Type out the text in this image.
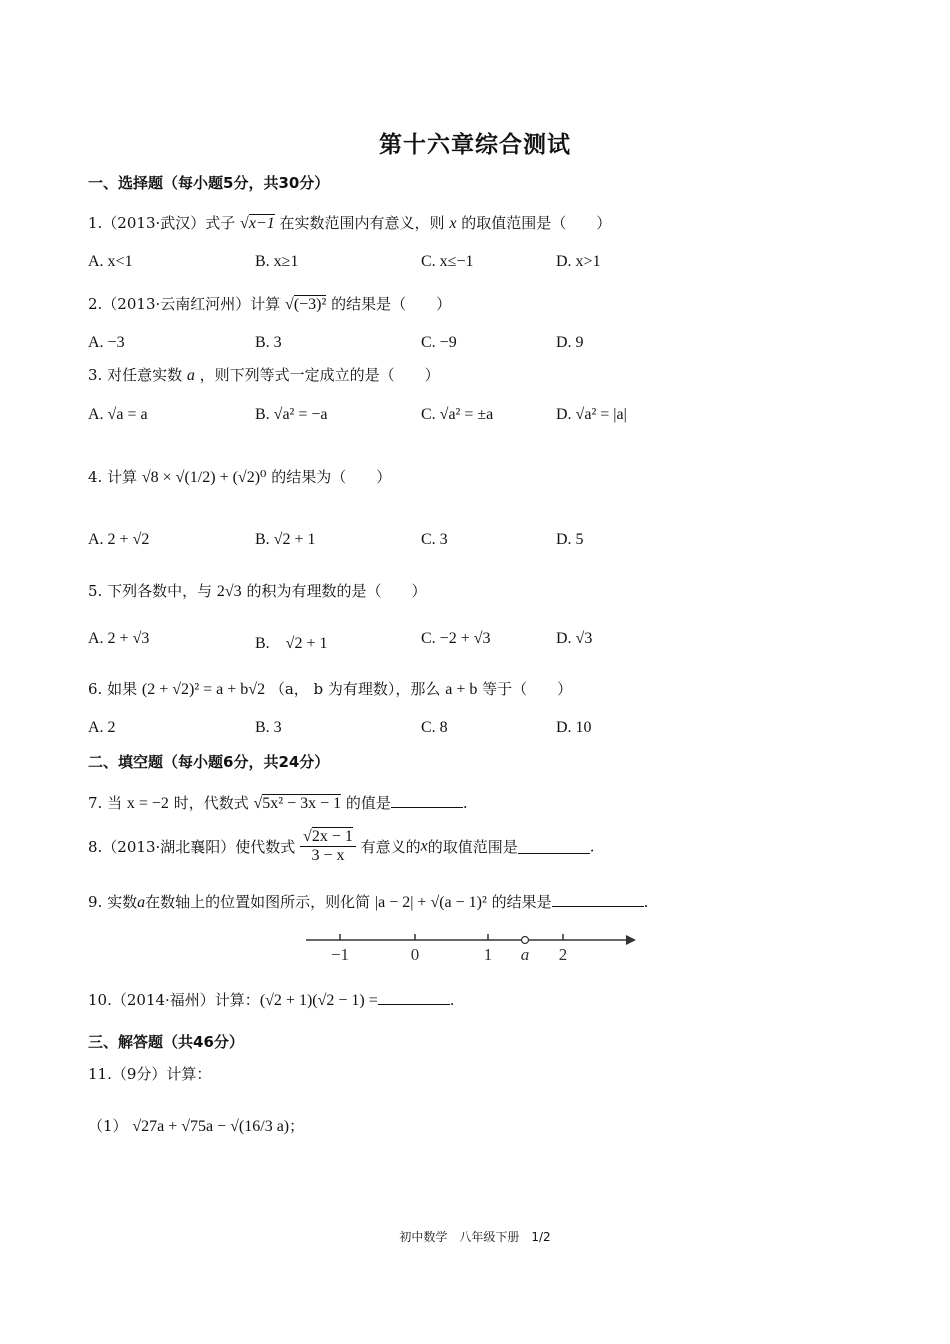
第十六章综合测试
一、选择题（每小题5分，共30分）
1.（2013·武汉）式子 √x−1 在实数范围内有意义，则 x 的取值范围是（　　）
A. x<1	B. x≥1	C. x≤−1	D. x>1
2.（2013·云南红河州）计算 √(−3)² 的结果是（　　）
A. −3	B. 3	C. −9	D. 9
3. 对任意实数 a ，则下列等式一定成立的是（　　）
A. √a = a	B. √a² = −a	C. √a² = ±a	D. √a² = |a|
4. 计算 √8 × √(1/2) + (√2)⁰ 的结果为（　　）
A. 2 + √2	B. √2 + 1	C. 3	D. 5
5. 下列各数中，与 2√3 的积为有理数的是（　　）
A. 2 + √3	B.　√2 + 1	C. −2 + √3	D. √3
6. 如果 (2 + √2)² = a + b√2 （a， b 为有理数），那么 a + b 等于（　　）
A. 2	B. 3	C. 8	D. 10
二、填空题（每小题6分，共24分）
7. 当 x = −2 时，代数式 √5x² − 3x − 1 的值是	.
8.（2013·湖北襄阳）使代数式 $\frac{√2x - 1}{3 - x}$ 有意义的x的取值范围是	.
9. 实数a在数轴上的位置如图所示，则化简 |a − 2| + √(a − 1)² 的结果是	.
−1	0	1 a 2
10.（2014·福州）计算：(√2 + 1)(√2 − 1) =	.
三、解答题（共46分）
11.（9分）计算：
（1） √27a + √75a − √(16/3 a)；
初中数学　八年级下册　1/2
